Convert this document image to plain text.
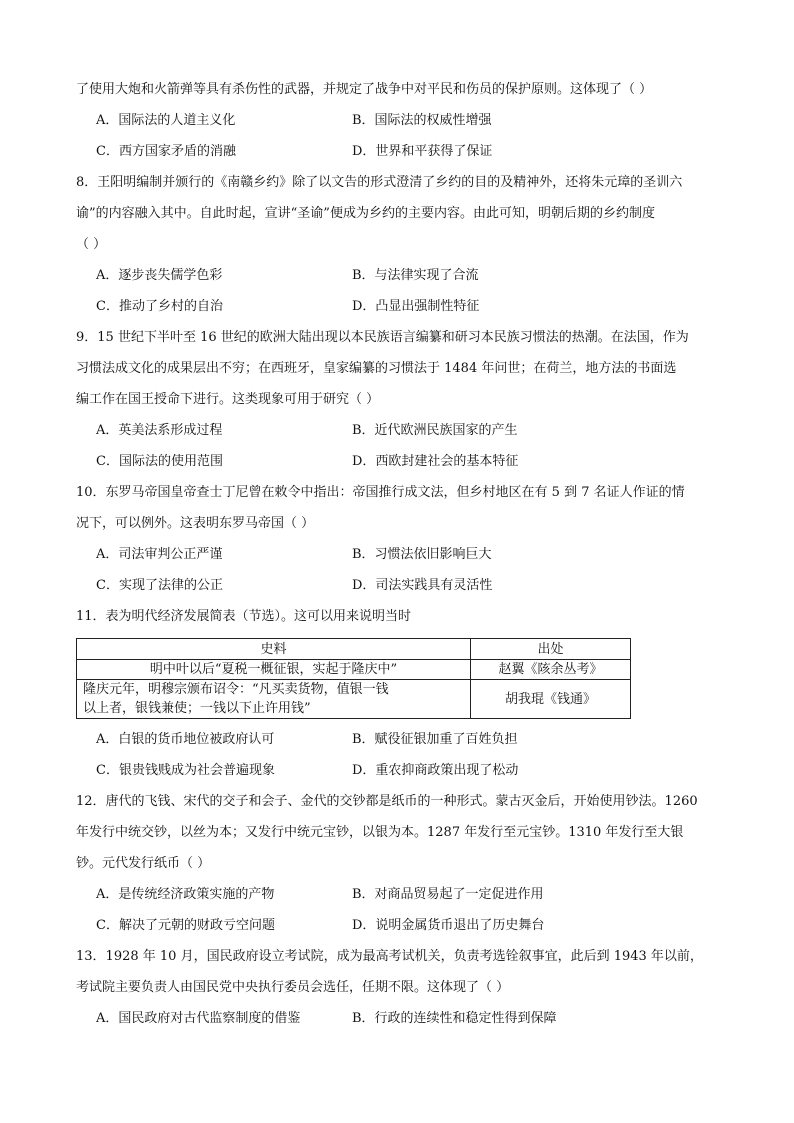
了使用大炮和火箭弹等具有杀伤性的武器，并规定了战争中对平民和伤员的保护原则。这体现了（ ）
A．国际法的人道主义化	B．国际法的权威性增强
C．西方国家矛盾的消融	D．世界和平获得了保证
8．王阳明编制并颁行的《南赣乡约》除了以文告的形式澄清了乡约的目的及精神外，还将朱元璋的圣训六
谕”的内容融入其中。自此时起，宣讲“圣谕”便成为乡约的主要内容。由此可知，明朝后期的乡约制度
（ ）
A．逐步丧失儒学色彩	B．与法律实现了合流
C．推动了乡村的自治	D．凸显出强制性特征
9．15 世纪下半叶至 16 世纪的欧洲大陆出现以本民族语言编纂和研习本民族习惯法的热潮。在法国，作为
习惯法成文化的成果层出不穷；在西班牙，皇家编纂的习惯法于 1484 年问世；在荷兰，地方法的书面选
编工作在国王授命下进行。这类现象可用于研究（ ）
A．英美法系形成过程	B．近代欧洲民族国家的产生
C．国际法的使用范围	D．西欧封建社会的基本特征
10．东罗马帝国皇帝查士丁尼曾在敕令中指出：帝国推行成文法，但乡村地区在有 5 到 7 名证人作证的情
况下，可以例外。这表明东罗马帝国（ ）
A．司法审判公正严谨	B．习惯法依旧影响巨大
C．实现了法律的公正	D．司法实践具有灵活性
11．表为明代经济发展简表（节选）。这可以用来说明当时
史料	出处
明中叶以后“夏税一概征银，实起于隆庆中”	赵翼《陔余丛考》

隆庆元年，明穆宗颁布诏令：“凡买卖货物，值银一钱
以上者，银钱兼使；一钱以下止许用钱”	胡我琨《钱通》
A．白银的货币地位被政府认可	B．赋役征银加重了百姓负担
C．银贵钱贱成为社会普遍现象	D．重农抑商政策出现了松动
12．唐代的飞钱、宋代的交子和会子、金代的交钞都是纸币的一种形式。蒙古灭金后，开始使用钞法。1260
年发行中统交钞，以丝为本；又发行中统元宝钞，以银为本。1287 年发行至元宝钞。1310 年发行至大银
钞。元代发行纸币（ ）
A．是传统经济政策实施的产物	B．对商品贸易起了一定促进作用
C．解决了元朝的财政亏空问题	D．说明金属货币退出了历史舞台
13．1928 年 10 月，国民政府设立考试院，成为最高考试机关，负责考选铨叙事宜，此后到 1943 年以前，
考试院主要负责人由国民党中央执行委员会选任，任期不限。这体现了（ ）
A．国民政府对古代监察制度的借鉴	B．行政的连续性和稳定性得到保障
